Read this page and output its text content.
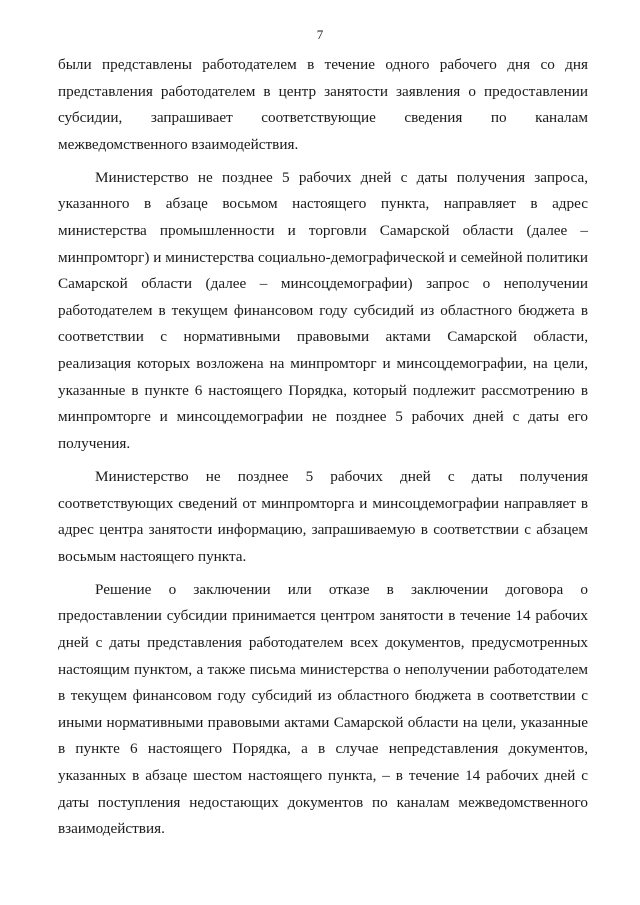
7

были представлены работодателем в течение одного рабочего дня со дня представления работодателем в центр занятости заявления о предоставлении субсидии, запрашивает соответствующие сведения по каналам межведомственного взаимодействия.

Министерство не позднее 5 рабочих дней с даты получения запроса, указанного в абзаце восьмом настоящего пункта, направляет в адрес министерства промышленности и торговли Самарской области (далее – минпромторг) и министерства социально-демографической и семейной политики Самарской области (далее – минсоцдемографии) запрос о неполучении работодателем в текущем финансовом году субсидий из областного бюджета в соответствии с нормативными правовыми актами Самарской области, реализация которых возложена на минпромторг и минсоцдемографии, на цели, указанные в пункте 6 настоящего Порядка, который подлежит рассмотрению в минпромторге и минсоцдемографии не позднее 5 рабочих дней с даты его получения.

Министерство не позднее 5 рабочих дней с даты получения соответствующих сведений от минпромторга и минсоцдемографии направляет в адрес центра занятости информацию, запрашиваемую в соответствии с абзацем восьмым настоящего пункта.

Решение о заключении или отказе в заключении договора о предоставлении субсидии принимается центром занятости в течение 14 рабочих дней с даты представления работодателем всех документов, предусмотренных настоящим пунктом, а также письма министерства о неполучении работодателем в текущем финансовом году субсидий из областного бюджета в соответствии с иными нормативными правовыми актами Самарской области на цели, указанные в пункте 6 настоящего Порядка, а в случае непредставления документов, указанных в абзаце шестом настоящего пункта, – в течение 14 рабочих дней с даты поступления недостающих документов по каналам межведомственного взаимодействия.
